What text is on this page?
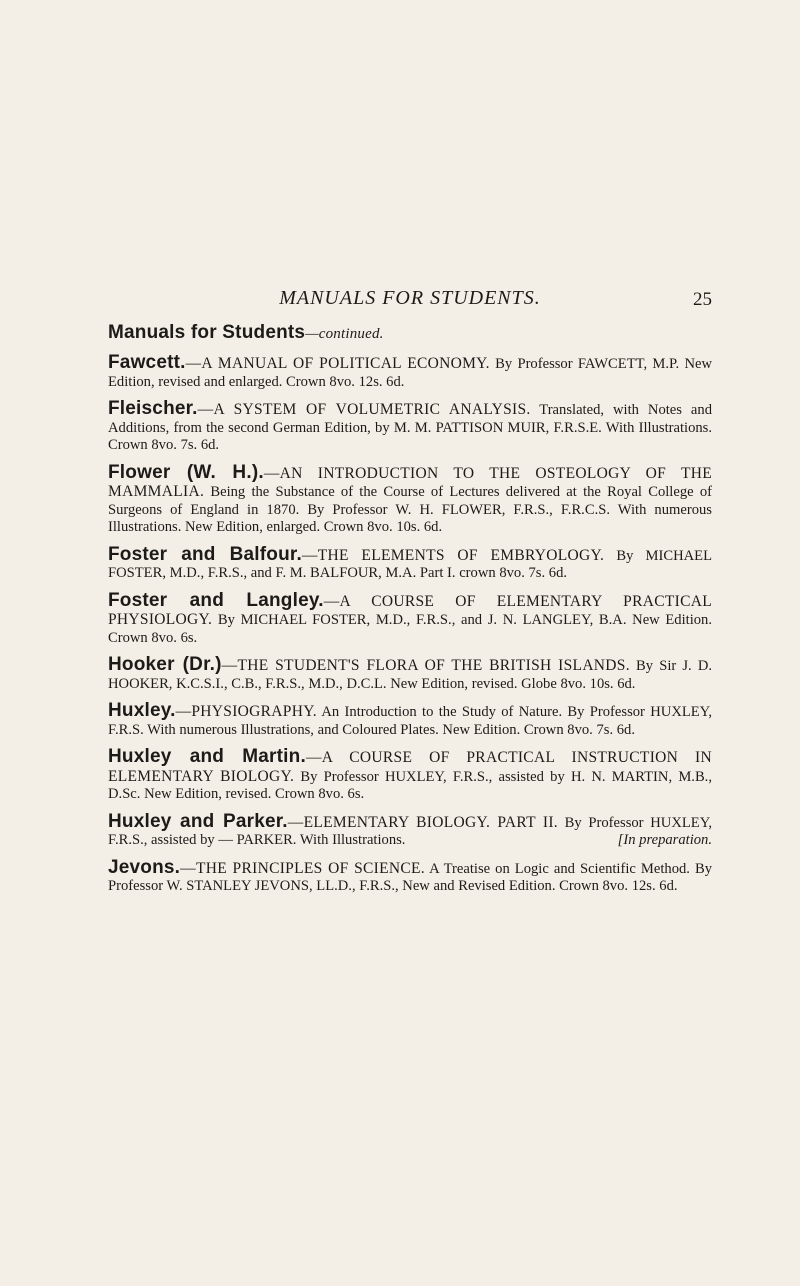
MANUALS FOR STUDENTS.	25
Manuals for Students—continued.

Fawcett.—A MANUAL OF POLITICAL ECONOMY. By Professor FAWCETT, M.P. New Edition, revised and enlarged. Crown 8vo. 12s. 6d.

Fleischer.—A SYSTEM OF VOLUMETRIC ANALYSIS. Translated, with Notes and Additions, from the second German Edition, by M. M. PATTISON MUIR, F.R.S.E. With Illustrations. Crown 8vo. 7s. 6d.

Flower (W. H.).—AN INTRODUCTION TO THE OSTEOLOGY OF THE MAMMALIA. Being the Substance of the Course of Lectures delivered at the Royal College of Surgeons of England in 1870. By Professor W. H. FLOWER, F.R.S., F.R.C.S. With numerous Illustrations. New Edition, enlarged. Crown 8vo. 10s. 6d.

Foster and Balfour.—THE ELEMENTS OF EMBRYOLOGY. By MICHAEL FOSTER, M.D., F.R.S., and F. M. BALFOUR, M.A. Part I. crown 8vo. 7s. 6d.

Foster and Langley.—A COURSE OF ELEMENTARY PRACTICAL PHYSIOLOGY. By MICHAEL FOSTER, M.D., F.R.S., and J. N. LANGLEY, B.A. New Edition. Crown 8vo. 6s.

Hooker (Dr.)—THE STUDENT'S FLORA OF THE BRITISH ISLANDS. By Sir J. D. HOOKER, K.C.S.I., C.B., F.R.S., M.D., D.C.L. New Edition, revised. Globe 8vo. 10s. 6d.

Huxley.—PHYSIOGRAPHY. An Introduction to the Study of Nature. By Professor HUXLEY, F.R.S. With numerous Illustrations, and Coloured Plates. New Edition. Crown 8vo. 7s. 6d.

Huxley and Martin.—A COURSE OF PRACTICAL INSTRUCTION IN ELEMENTARY BIOLOGY. By Professor HUXLEY, F.R.S., assisted by H. N. MARTIN, M.B., D.Sc. New Edition, revised. Crown 8vo. 6s.

Huxley and Parker.—ELEMENTARY BIOLOGY. PART II. By Professor HUXLEY, F.R.S., assisted by — PARKER. With Illustrations.	[In preparation.

Jevons.—THE PRINCIPLES OF SCIENCE. A Treatise on Logic and Scientific Method. By Professor W. STANLEY JEVONS, LL.D., F.R.S., New and Revised Edition. Crown 8vo. 12s. 6d.
